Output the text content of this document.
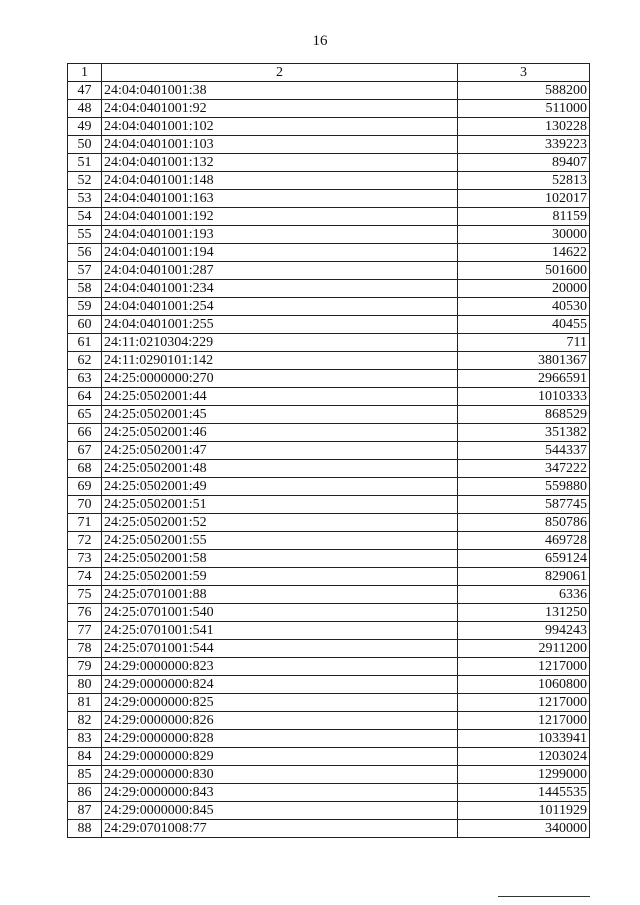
16
1	2	3
47	24:04:0401001:38	588200
48	24:04:0401001:92	511000
49	24:04:0401001:102	130228
50	24:04:0401001:103	339223
51	24:04:0401001:132	89407
52	24:04:0401001:148	52813
53	24:04:0401001:163	102017
54	24:04:0401001:192	81159
55	24:04:0401001:193	30000
56	24:04:0401001:194	14622
57	24:04:0401001:287	501600
58	24:04:0401001:234	20000
59	24:04:0401001:254	40530
60	24:04:0401001:255	40455
61	24:11:0210304:229	711
62	24:11:0290101:142	3801367
63	24:25:0000000:270	2966591
64	24:25:0502001:44	1010333
65	24:25:0502001:45	868529
66	24:25:0502001:46	351382
67	24:25:0502001:47	544337
68	24:25:0502001:48	347222
69	24:25:0502001:49	559880
70	24:25:0502001:51	587745
71	24:25:0502001:52	850786
72	24:25:0502001:55	469728
73	24:25:0502001:58	659124
74	24:25:0502001:59	829061
75	24:25:0701001:88	6336
76	24:25:0701001:540	131250
77	24:25:0701001:541	994243
78	24:25:0701001:544	2911200
79	24:29:0000000:823	1217000
80	24:29:0000000:824	1060800
81	24:29:0000000:825	1217000
82	24:29:0000000:826	1217000
83	24:29:0000000:828	1033941
84	24:29:0000000:829	1203024
85	24:29:0000000:830	1299000
86	24:29:0000000:843	1445535
87	24:29:0000000:845	1011929
88	24:29:0701008:77	340000
